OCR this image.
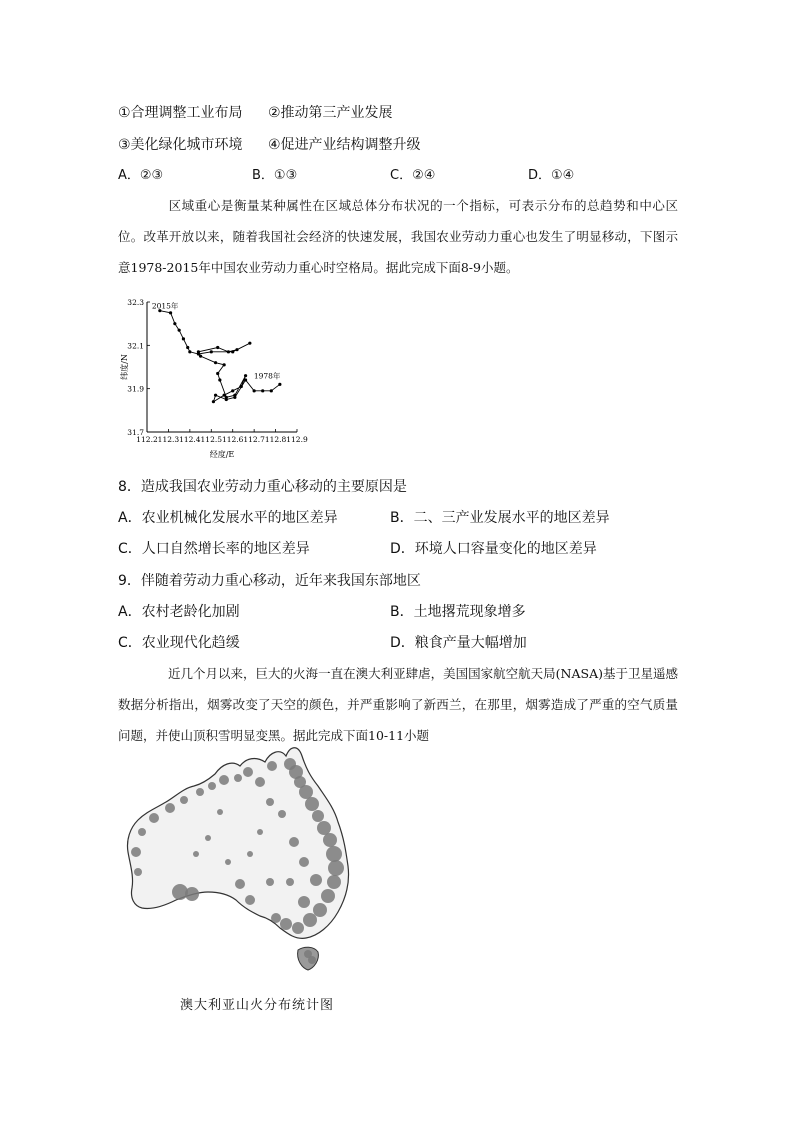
①合理调整工业布局 ②推动第三产业发展
③美化绿化城市环境 ④促进产业结构调整升级
A．②③	B．①③	C．②④	D．①④
区域重心是衡量某种属性在区域总体分布状况的一个指标，可表示分布的总趋势和中心区位。改革开放以来，随着我国社会经济的快速发展，我国农业劳动力重心也发生了明显移动，下图示意1978-2015年中国农业劳动力重心时空格局。据此完成下面8-9小题。
112.2 112.3 112.4 112.5 112.6 112.7 112.8 112.9
32.3
32.1
31.9
31.7
经度/E
纬度/N
2015年
1978年
8．造成我国农业劳动力重心移动的主要原因是
A．农业机械化发展水平的地区差异	B．二、三产业发展水平的地区差异
C．人口自然增长率的地区差异	D．环境人口容量变化的地区差异
9．伴随着劳动力重心移动，近年来我国东部地区
A．农村老龄化加剧	B．土地撂荒现象增多
C．农业现代化趋缓	D．粮食产量大幅增加
近几个月以来，巨大的火海一直在澳大利亚肆虐，美国国家航空航天局(NASA)基于卫星遥感数据分析指出，烟雾改变了天空的颜色，并严重影响了新西兰，在那里，烟雾造成了严重的空气质量问题，并使山顶积雪明显变黑。据此完成下面10-11小题
澳大利亚山火分布统计图
